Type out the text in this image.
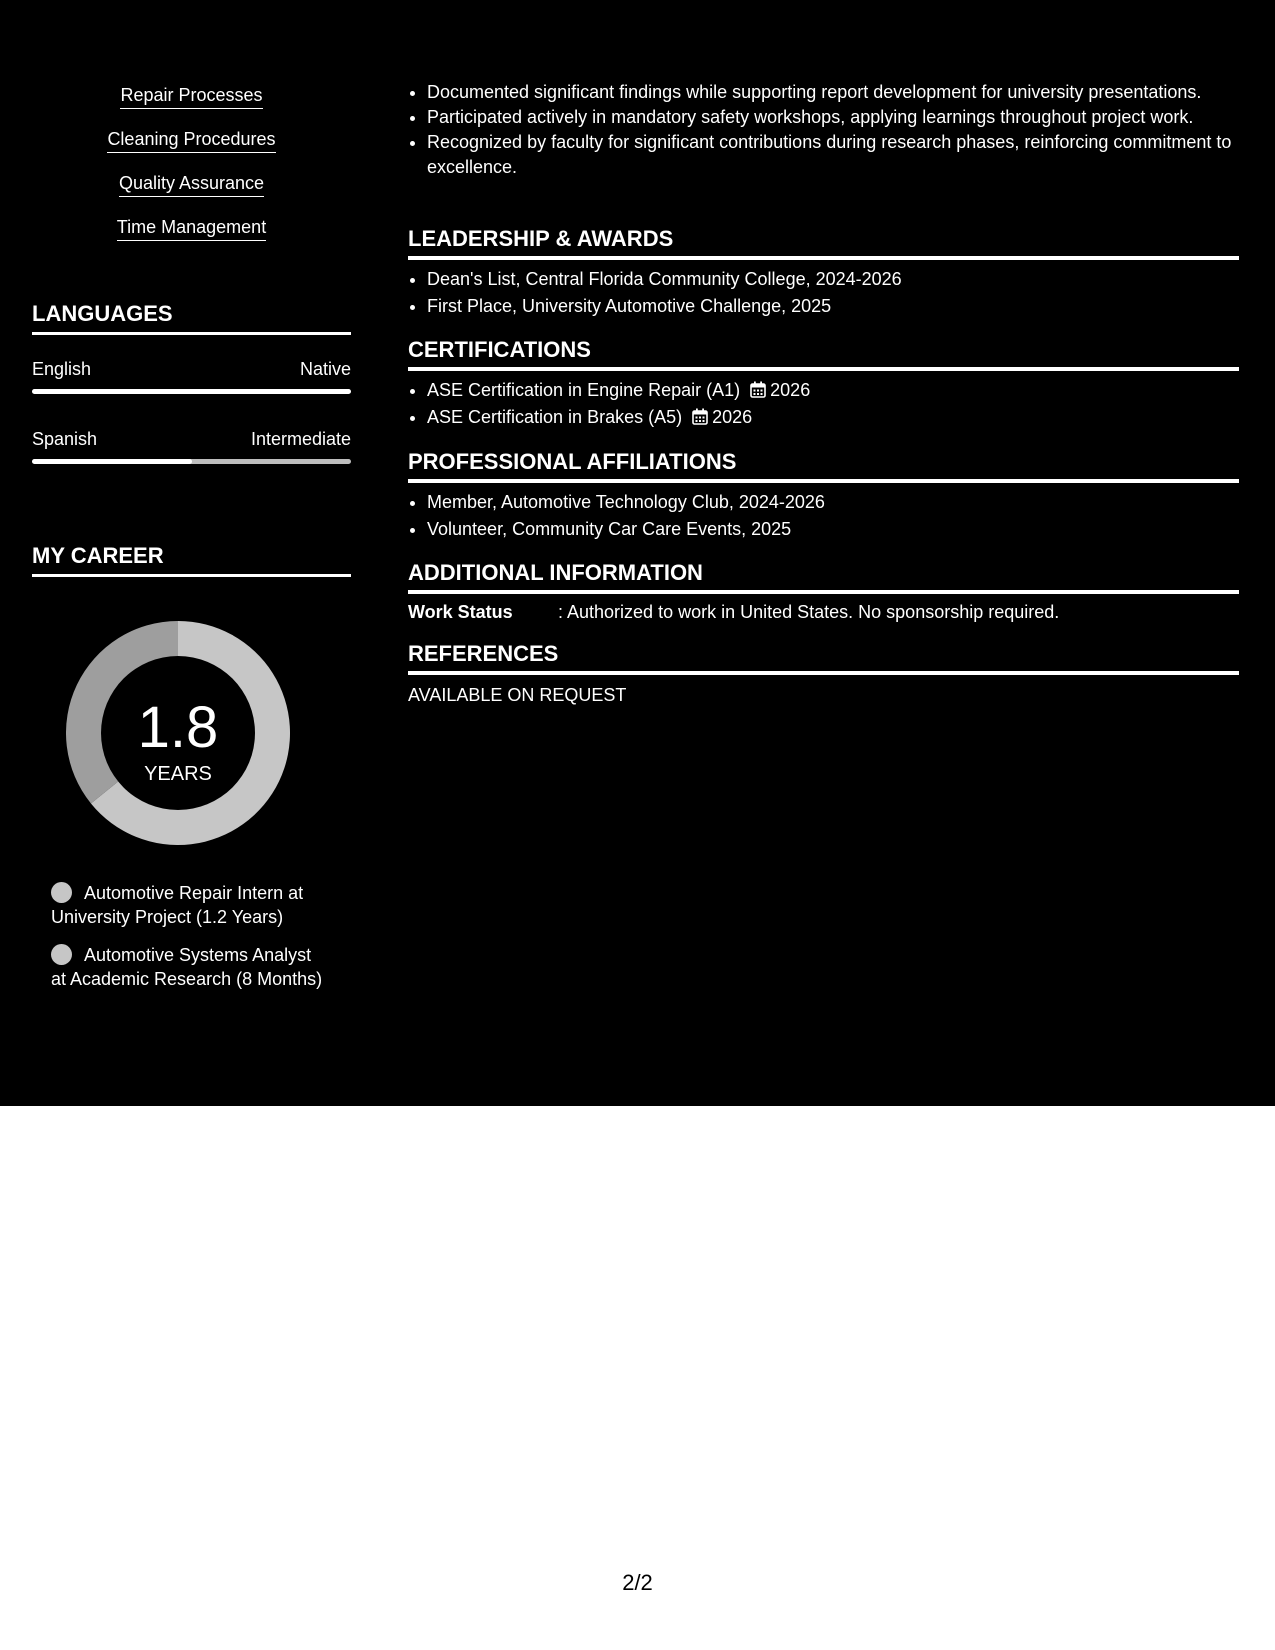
Repair Processes
Cleaning Procedures
Quality Assurance
Time Management
LANGUAGES
English	Native
Spanish	Intermediate
MY CAREER
1.8
YEARS
Automotive Repair Intern at University Project (1.2 Years)
Automotive Systems Analyst at Academic Research (8 Months)
• Documented significant findings while supporting report development for university presentations.
• Participated actively in mandatory safety workshops, applying learnings throughout project work.
• Recognized by faculty for significant contributions during research phases, reinforcing commitment to excellence.
LEADERSHIP & AWARDS
• Dean's List, Central Florida Community College, 2024-2026
• First Place, University Automotive Challenge, 2025
CERTIFICATIONS
• ASE Certification in Engine Repair (A1) 2026
• ASE Certification in Brakes (A5) 2026
PROFESSIONAL AFFILIATIONS
• Member, Automotive Technology Club, 2024-2026
• Volunteer, Community Car Care Events, 2025
ADDITIONAL INFORMATION
Work Status	: Authorized to work in United States. No sponsorship required.
REFERENCES

AVAILABLE ON REQUEST

2/2
